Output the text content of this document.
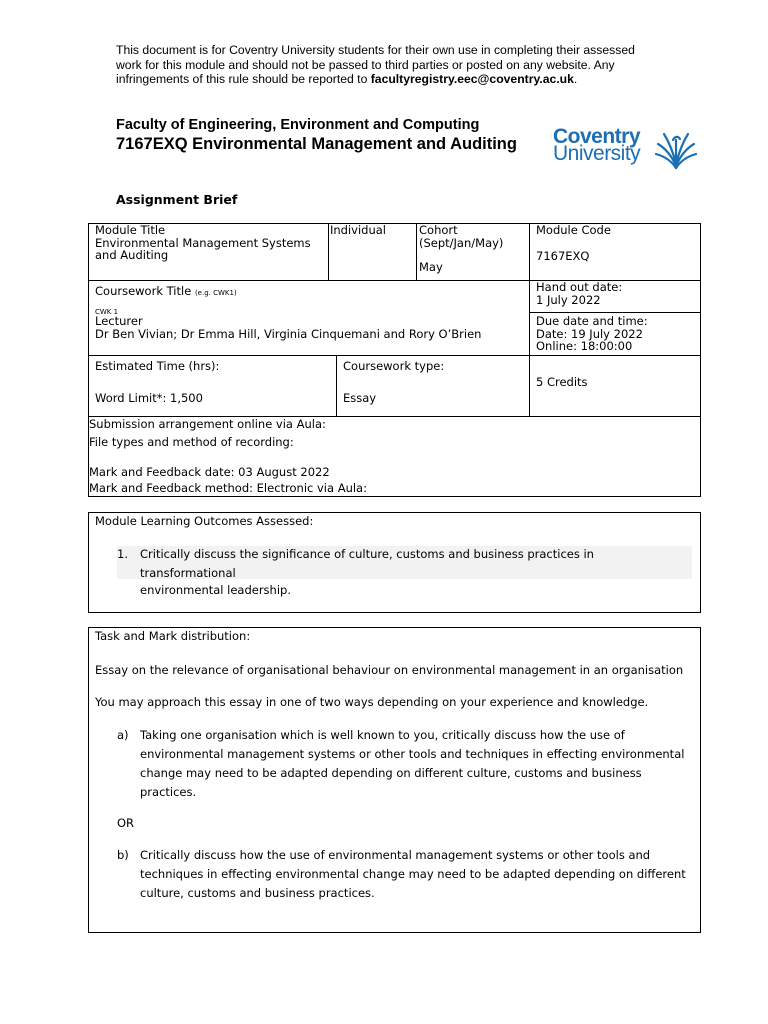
This document is for Coventry University students for their own use in completing their assessed work for this module and should not be passed to third parties or posted on any website. Any infringements of this rule should be reported to facultyregistry.eec@coventry.ac.uk.
Faculty of Engineering, Environment and Computing
7167EXQ Environmental Management and Auditing
Assignment Brief
Coventry
University
Module Title
Environmental Management Systems and Auditing
Individual	Cohort (Sept/Jan/May)
May
Module Code
7167EXQ
Coursework Title (e.g. CWK1)
CWK 1
Hand out date:
1 July 2022
Lecturer
Dr Ben Vivian; Dr Emma Hill, Virginia Cinquemani and Rory O’Brien
Due date and time:
Date: 19 July 2022
Online: 18:00:00
Estimated Time (hrs):
Word Limit*: 1,500
Coursework type:
Essay
5 Credits
Submission arrangement online via Aula:
File types and method of recording:
Mark and Feedback date: 03 August 2022
Mark and Feedback method: Electronic via Aula:
Module Learning Outcomes Assessed:
1. Critically discuss the significance of culture, customs and business practices in transformational
environmental leadership.
Task and Mark distribution:
Essay on the relevance of organisational behaviour on environmental management in an organisation
You may approach this essay in one of two ways depending on your experience and knowledge.
a) Taking one organisation which is well known to you, critically discuss how the use of
environmental management systems or other tools and techniques in effecting environmental
change may need to be adapted depending on different culture, customs and business
practices.
OR
b) Critically discuss how the use of environmental management systems or other tools and
techniques in effecting environmental change may need to be adapted depending on different
culture, customs and business practices.
